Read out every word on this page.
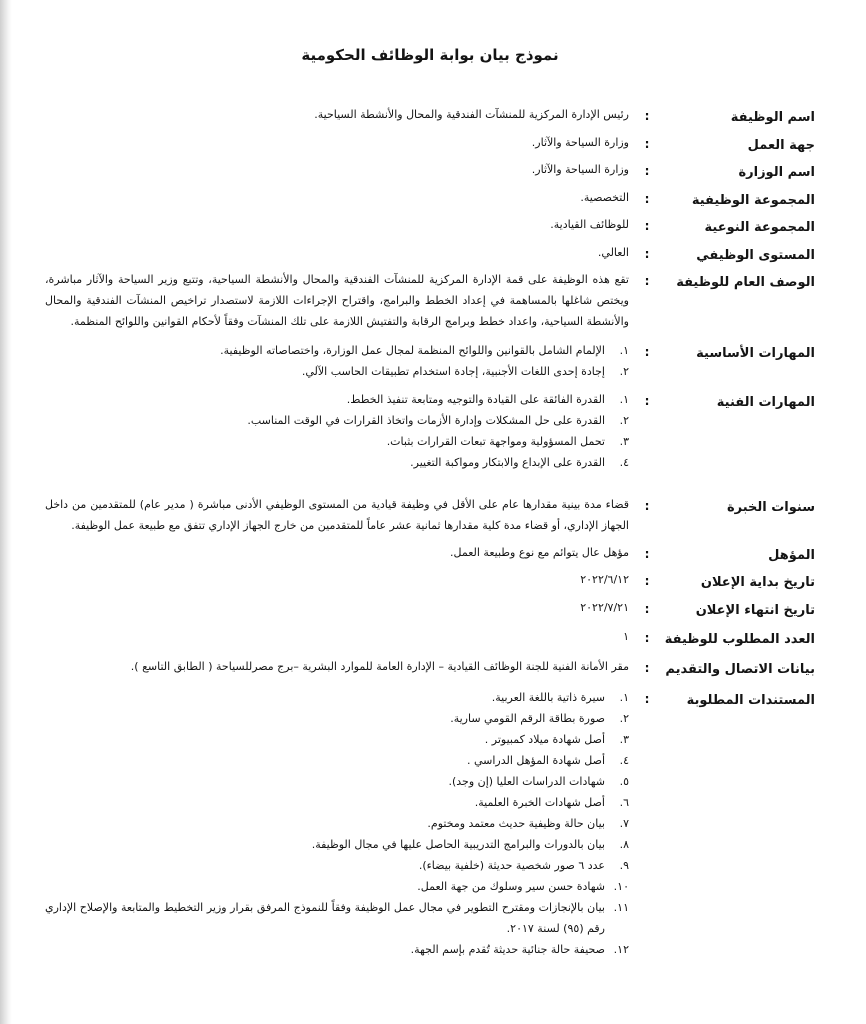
نموذج بيان بوابة الوظائف الحكومية
اسم الوظيفة
:
رئيس الإدارة المركزية للمنشآت الفندقية والمحال والأنشطة السياحية.
جهة العمل
:
وزارة السياحة والآثار.
اسم الوزارة
:
وزارة السياحة والآثار.
المجموعة الوظيفية
:
التخصصية.
المجموعة النوعية
:
للوظائف القيادية.
المستوى الوظيفي
:
العالي.
الوصف العام للوظيفة
:
تقع هذه الوظيفة على قمة الإدارة المركزية للمنشآت الفندقية والمحال والأنشطة السياحية، وتتبع وزير السياحة والآثار مباشرة، ويختص شاغلها بالمساهمة في إعداد الخطط والبرامج، واقتراح الإجراءات اللازمة لاستصدار تراخيص المنشآت الفندقية والمحال والأنشطة السياحية، واعداد خطط وبرامج الرقابة والتفتيش اللازمة على تلك المنشآت وفقاً لأحكام القوانين واللوائح المنظمة.
المهارات الأساسية
:
١.
الإلمام الشامل بالقوانين واللوائح المنظمة لمجال عمل الوزارة، واختصاصاته الوظيفية.
٢.
إجادة إحدى اللغات الأجنبية، إجادة استخدام تطبيقات الحاسب الآلي.
المهارات الفنية
:
١.
القدرة الفائقة على القيادة والتوجيه ومتابعة تنفيذ الخطط.
٢.
القدرة على حل المشكلات وإدارة الأزمات واتخاذ القرارات في الوقت المناسب.
٣.
تحمل المسؤولية ومواجهة تبعات القرارات بثبات.
٤.
القدرة على الإبداع والابتكار ومواكبة التغيير.
سنوات الخبرة
:
قضاء مدة بينية مقدارها عام على الأقل في وظيفة قيادية من المستوى الوظيفي الأدنى مباشرة ( مدير عام) للمتقدمين من داخل الجهاز الإداري، أو قضاء مدة كلية مقدارها ثمانية عشر عاماً للمتقدمين من خارج الجهاز الإداري تتفق مع طبيعة عمل الوظيفة.
المؤهل
:
مؤهل عال يتوائم مع نوع وطبيعة العمل.
تاريخ بداية الإعلان
:
٢٠٢٢/٦/١٢
تاريخ انتهاء الإعلان
:
٢٠٢٢/٧/٢١
العدد المطلوب للوظيفة
:
١
بيانات الاتصال والتقديم
:
مقر الأمانة الفنية للجنة الوظائف القيادية – الإدارة العامة للموارد البشرية –برج مصرللسياحة ( الطابق التاسع ).
المستندات المطلوبة
:
١.
سيرة ذاتية باللغة العربية.
٢.
صورة بطاقة الرقم القومي سارية.
٣.
أصل شهادة ميلاد كمبيوتر .
٤.
أصل شهادة المؤهل الدراسي .
٥.
شهادات الدراسات العليا (إن وجد).
٦.
أصل شهادات الخبرة العلمية.
٧.
بيان حالة وظيفية حديث معتمد ومختوم.
٨.
بيان بالدورات والبرامج التدريبية الحاصل عليها في مجال الوظيفة.
٩.
عدد ٦ صور شخصية حديثة (خلفية بيضاء).
١٠.
شهادة حسن سير وسلوك من جهة العمل.
١١.
بيان بالإنجازات ومقترح التطوير في مجال عمل الوظيفة وفقاً للنموذج المرفق بقرار وزير التخطيط والمتابعة والإصلاح الإداري رقم (٩٥) لسنة ٢٠١٧.
١٢.
صحيفة حالة جنائية حديثة تُقدم بإسم الجهة.
